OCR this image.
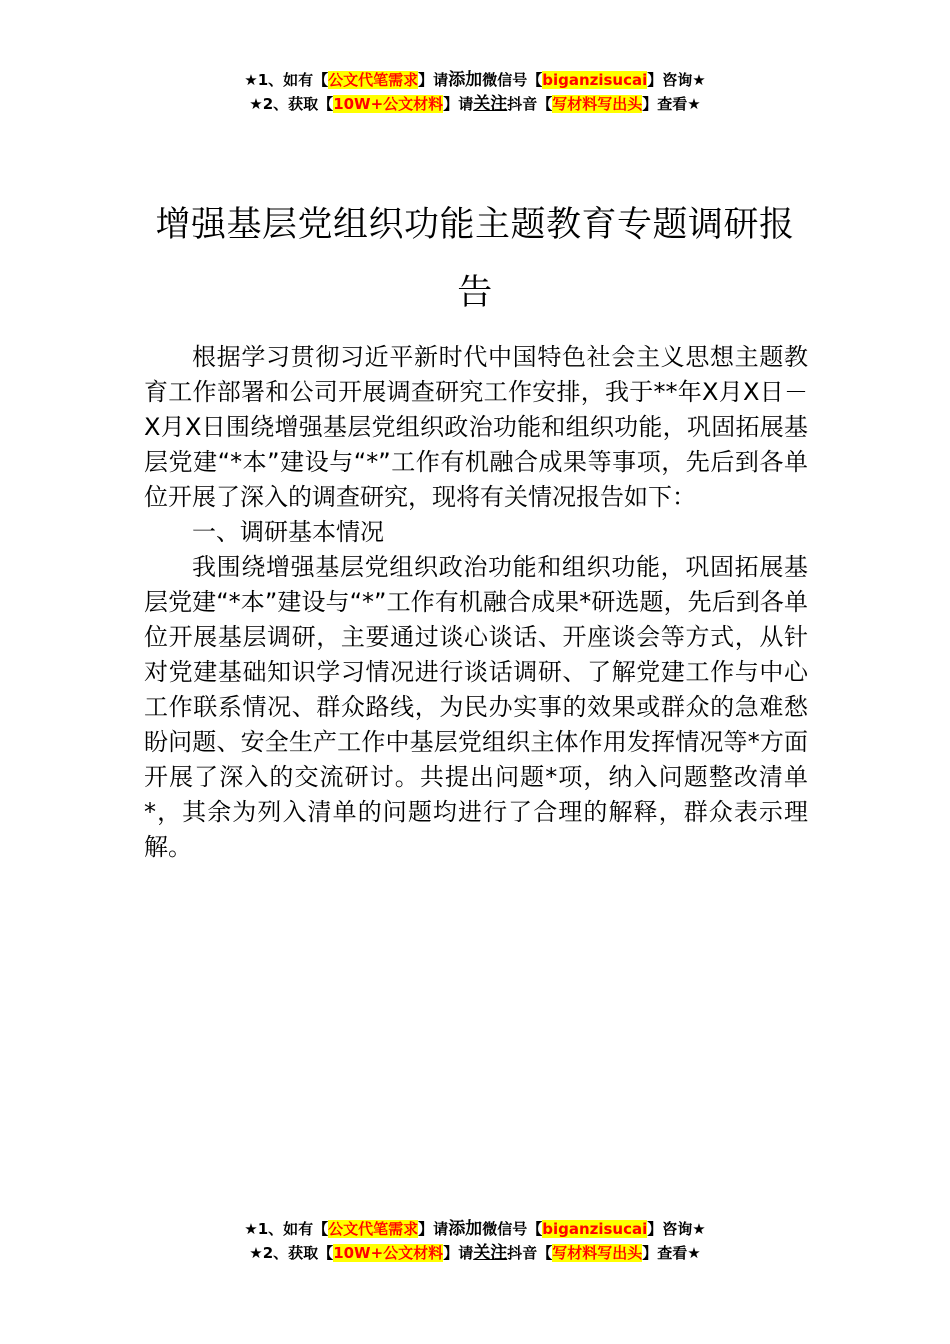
★1、如有【公文代笔需求】请添加微信号【biganzisucai】咨询★
★2、获取【10W+公文材料】请关注抖音【写材料写出头】查看★
增强基层党组织功能主题教育专题调研报告

根据学习贯彻习近平新时代中国特色社会主义思想主题教育工作部署和公司开展调查研究工作安排，我于**年X月X日－X月X日围绕增强基层党组织政治功能和组织功能，巩固拓展基层党建“*本”建设与“*”工作有机融合成果等事项，先后到各单位开展了深入的调查研究，现将有关情况报告如下：

一、调研基本情况

我围绕增强基层党组织政治功能和组织功能，巩固拓展基层党建“*本”建设与“*”工作有机融合成果*研选题，先后到各单位开展基层调研，主要通过谈心谈话、开座谈会等方式，从针对党建基础知识学习情况进行谈话调研、了解党建工作与中心工作联系情况、群众路线，为民办实事的效果或群众的急难愁盼问题、安全生产工作中基层党组织主体作用发挥情况等*方面开展了深入的交流研讨。共提出问题*项，纳入问题整改清单*，其余为列入清单的问题均进行了合理的解释，群众表示理解。

★1、如有【公文代笔需求】请添加微信号【biganzisucai】咨询★
★2、获取【10W+公文材料】请关注抖音【写材料写出头】查看★
